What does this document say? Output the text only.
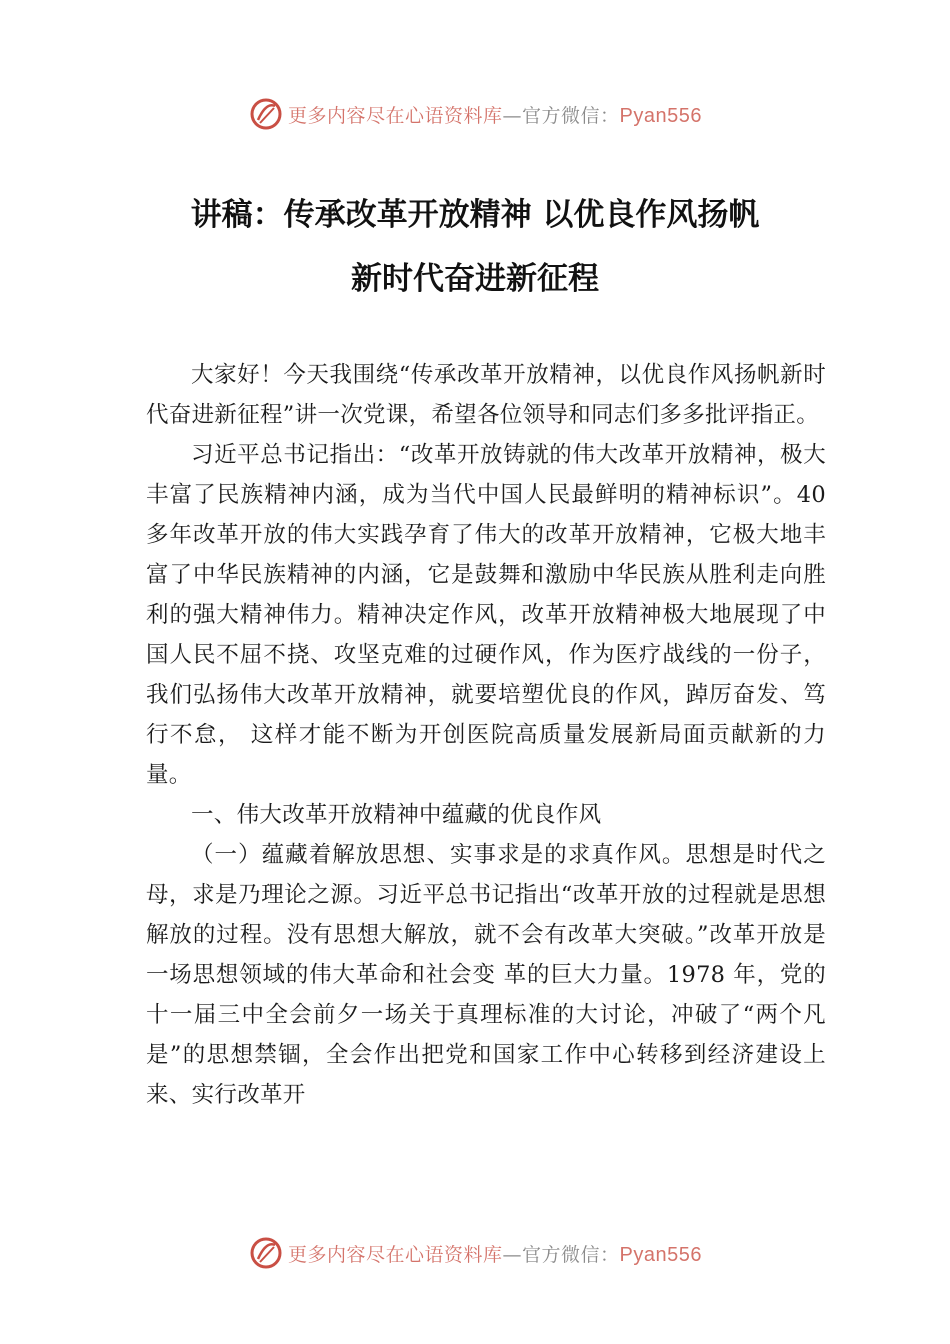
更多内容尽在心语资料库—官方微信：Pyan556
讲稿：传承改革开放精神 以优良作风扬帆
新时代奋进新征程

大家好！今天我围绕“传承改革开放精神，以优良作风扬帆新时代奋进新征程”讲一次党课，希望各位领导和同志们多多批评指正。

习近平总书记指出：“改革开放铸就的伟大改革开放精神，极大丰富了民族精神内涵，成为当代中国人民最鲜明的精神标识”。40 多年改革开放的伟大实践孕育了伟大的改革开放精神，它极大地丰富了中华民族精神的内涵，它是鼓舞和激励中华民族从胜利走向胜利的强大精神伟力。精神决定作风，改革开放精神极大地展现了中国人民不屈不挠、攻坚克难的过硬作风，作为医疗战线的一份子，我们弘扬伟大改革开放精神，就要培塑优良的作风，踔厉奋发、笃行不怠， 这样才能不断为开创医院高质量发展新局面贡献新的力量。

一、伟大改革开放精神中蕴藏的优良作风

（一）蕴藏着解放思想、实事求是的求真作风。思想是时代之母，求是乃理论之源。习近平总书记指出“改革开放的过程就是思想解放的过程。没有思想大解放，就不会有改革大突破。”改革开放是一场思想领域的伟大革命和社会变 革的巨大力量。1978 年，党的十一届三中全会前夕一场关于真理标准的大讨论，冲破了“两个凡是”的思想禁锢，全会作出把党和国家工作中心转移到经济建设上来、实行改革开

更多内容尽在心语资料库—官方微信：Pyan556
